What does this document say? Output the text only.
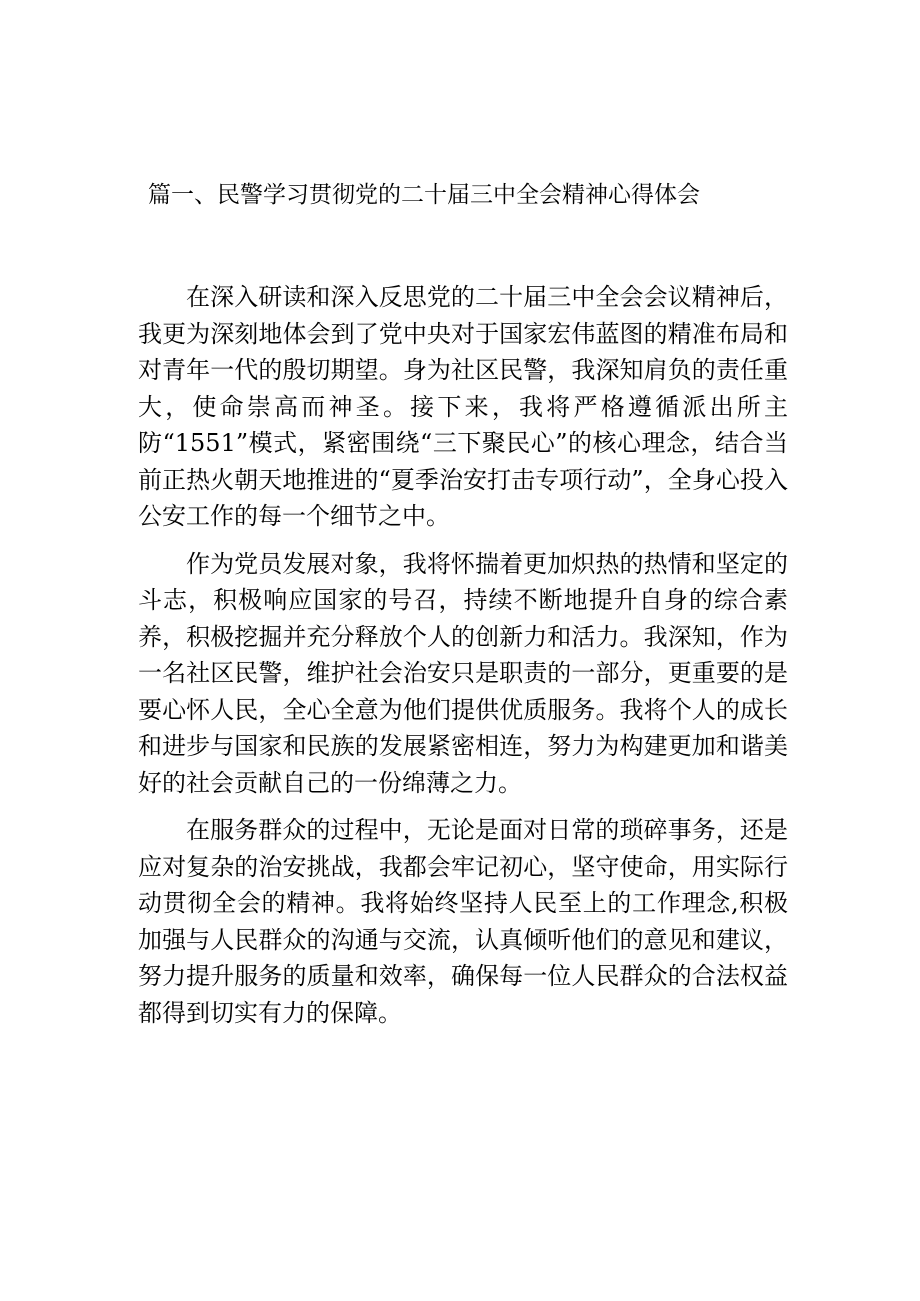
篇一、民警学习贯彻党的二十届三中全会精神心得体会

在深入研读和深入反思党的二十届三中全会会议精神后，我更为深刻地体会到了党中央对于国家宏伟蓝图的精准布局和对青年一代的殷切期望。身为社区民警，我深知肩负的责任重大，使命崇高而神圣。接下来，我将严格遵循派出所主防“1551”模式，紧密围绕“三下聚民心”的核心理念，结合当前正热火朝天地推进的“夏季治安打击专项行动”，全身心投入公安工作的每一个细节之中。

作为党员发展对象，我将怀揣着更加炽热的热情和坚定的斗志，积极响应国家的号召，持续不断地提升自身的综合素养，积极挖掘并充分释放个人的创新力和活力。我深知，作为一名社区民警，维护社会治安只是职责的一部分，更重要的是要心怀人民，全心全意为他们提供优质服务。我将个人的成长和进步与国家和民族的发展紧密相连，努力为构建更加和谐美好的社会贡献自己的一份绵薄之力。

在服务群众的过程中，无论是面对日常的琐碎事务，还是应对复杂的治安挑战，我都会牢记初心，坚守使命，用实际行动贯彻全会的精神。我将始终坚持人民至上的工作理念,积极加强与人民群众的沟通与交流，认真倾听他们的意见和建议，努力提升服务的质量和效率，确保每一位人民群众的合法权益都得到切实有力的保障。
